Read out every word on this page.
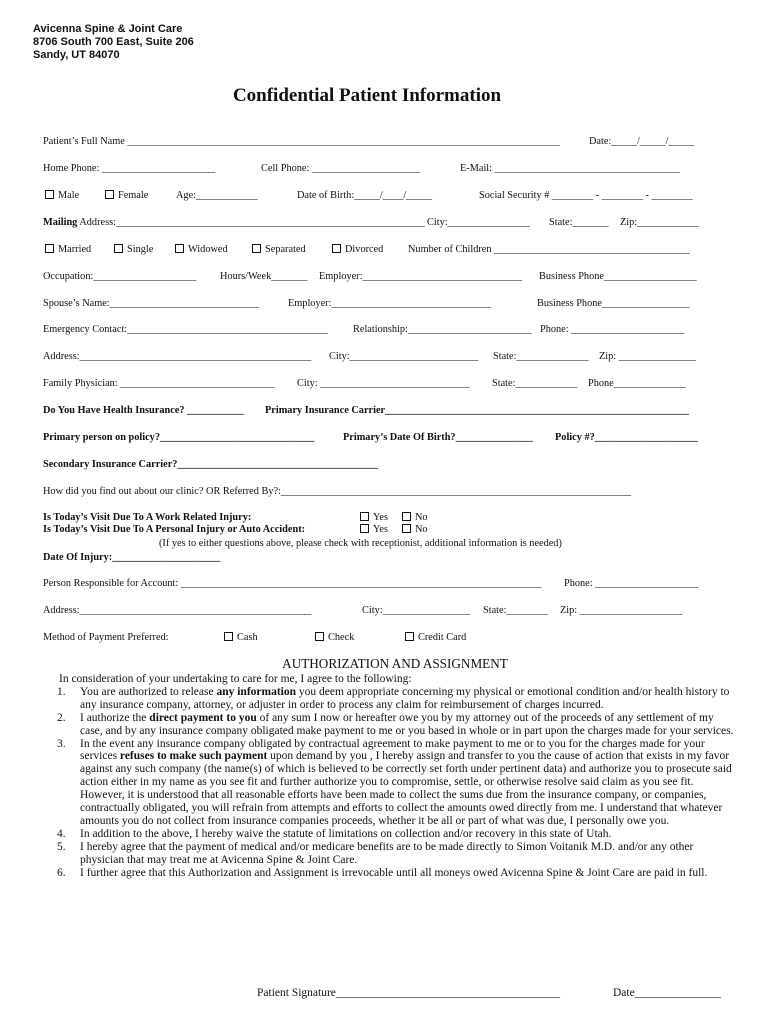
Avicenna Spine & Joint Care
8706 South 700 East, Suite 206
Sandy, UT 84070
Confidential Patient Information
Patient’s Full Name ____________________________________________________________________________________	Date:_____/_____/_____
Home Phone: ______________________	Cell Phone: _____________________	E-Mail: ____________________________________
Male	Female	Age:____________	Date of Birth:_____/____/_____	Social Security # ________ - ________ - ________
Mailing Address:____________________________________________________________ City:________________ State:_______ Zip:____________
Married	Single	Widowed	Separated	Divorced Number of Children ______________________________________
Occupation:____________________ Hours/Week_______ Employer:_______________________________ Business Phone__________________
Spouse’s Name:_____________________________	Employer:_______________________________	Business Phone_________________
Emergency Contact:_______________________________________ Relationship:________________________ Phone: ______________________
Address:_____________________________________________ City:_________________________ State:______________ Zip: _______________
Family Physician: ______________________________ City: _____________________________ State:____________ Phone______________
Do You Have Health Insurance? ___________ Primary Insurance Carrier___________________________________________________________
Primary person on policy?______________________________	Primary’s Date Of Birth?_______________ Policy #?____________________
Secondary Insurance Carrier?_______________________________________
How did you find out about our clinic? OR Referred By?:____________________________________________________________________
Is Today’s Visit Due To A Work Related Injury:	Yes	No
Is Today’s Visit Due To A Personal Injury or Auto Accident:	Yes	No
(If yes to either questions above, please check with receptionist, additional information is needed)
Date Of Injury:_____________________
Person Responsible for Account: ______________________________________________________________________ Phone: ____________________
Address:_____________________________________________	City:_________________ State:________ Zip: ____________________
Method of Payment Preferred:	Cash	Check	Credit Card
AUTHORIZATION AND ASSIGNMENT

In consideration of your undertaking to care for me, I agree to the following:

1. You are authorized to release any information you deem appropriate concerning my physical or emotional condition and/or health history to any insurance company, attorney, or adjuster in order to process any claim for reimbursement of charges incurred.
2. I authorize the direct payment to you of any sum I now or hereafter owe you by my attorney out of the proceeds of any settlement of my case, and by any insurance company obligated make payment to me or you based in whole or in part upon the charges made for your services.
3. In the event any insurance company obligated by contractual agreement to make payment to me or to you for the charges made for your services refuses to make such payment upon demand by you , I hereby assign and transfer to you the cause of action that exists in my favor against any such company (the name(s) of which is believed to be correctly set forth under pertinent data) and authorize you to prosecute said action either in my name as you see fit and further authorize you to compromise, settle, or otherwise resolve said claim as you see fit. However, it is understood that all reasonable efforts have been made to collect the sums due from the insurance company, or companies, contractually obligated, you will refrain from attempts and efforts to collect the amounts owed directly from me. I understand that whatever amounts you do not collect from insurance companies proceeds, whether it be all or part of what was due, I personally owe you.
4. In addition to the above, I hereby waive the statute of limitations on collection and/or recovery in this state of Utah.
5. I hereby agree that the payment of medical and/or medicare benefits are to be made directly to Simon Voitanik M.D. and/or any other physician that may treat me at Avicenna Spine & Joint Care.
6. I further agree that this Authorization and Assignment is irrevocable until all moneys owed Avicenna Spine & Joint Care are paid in full.
Patient Signature_______________________________________	Date_______________
